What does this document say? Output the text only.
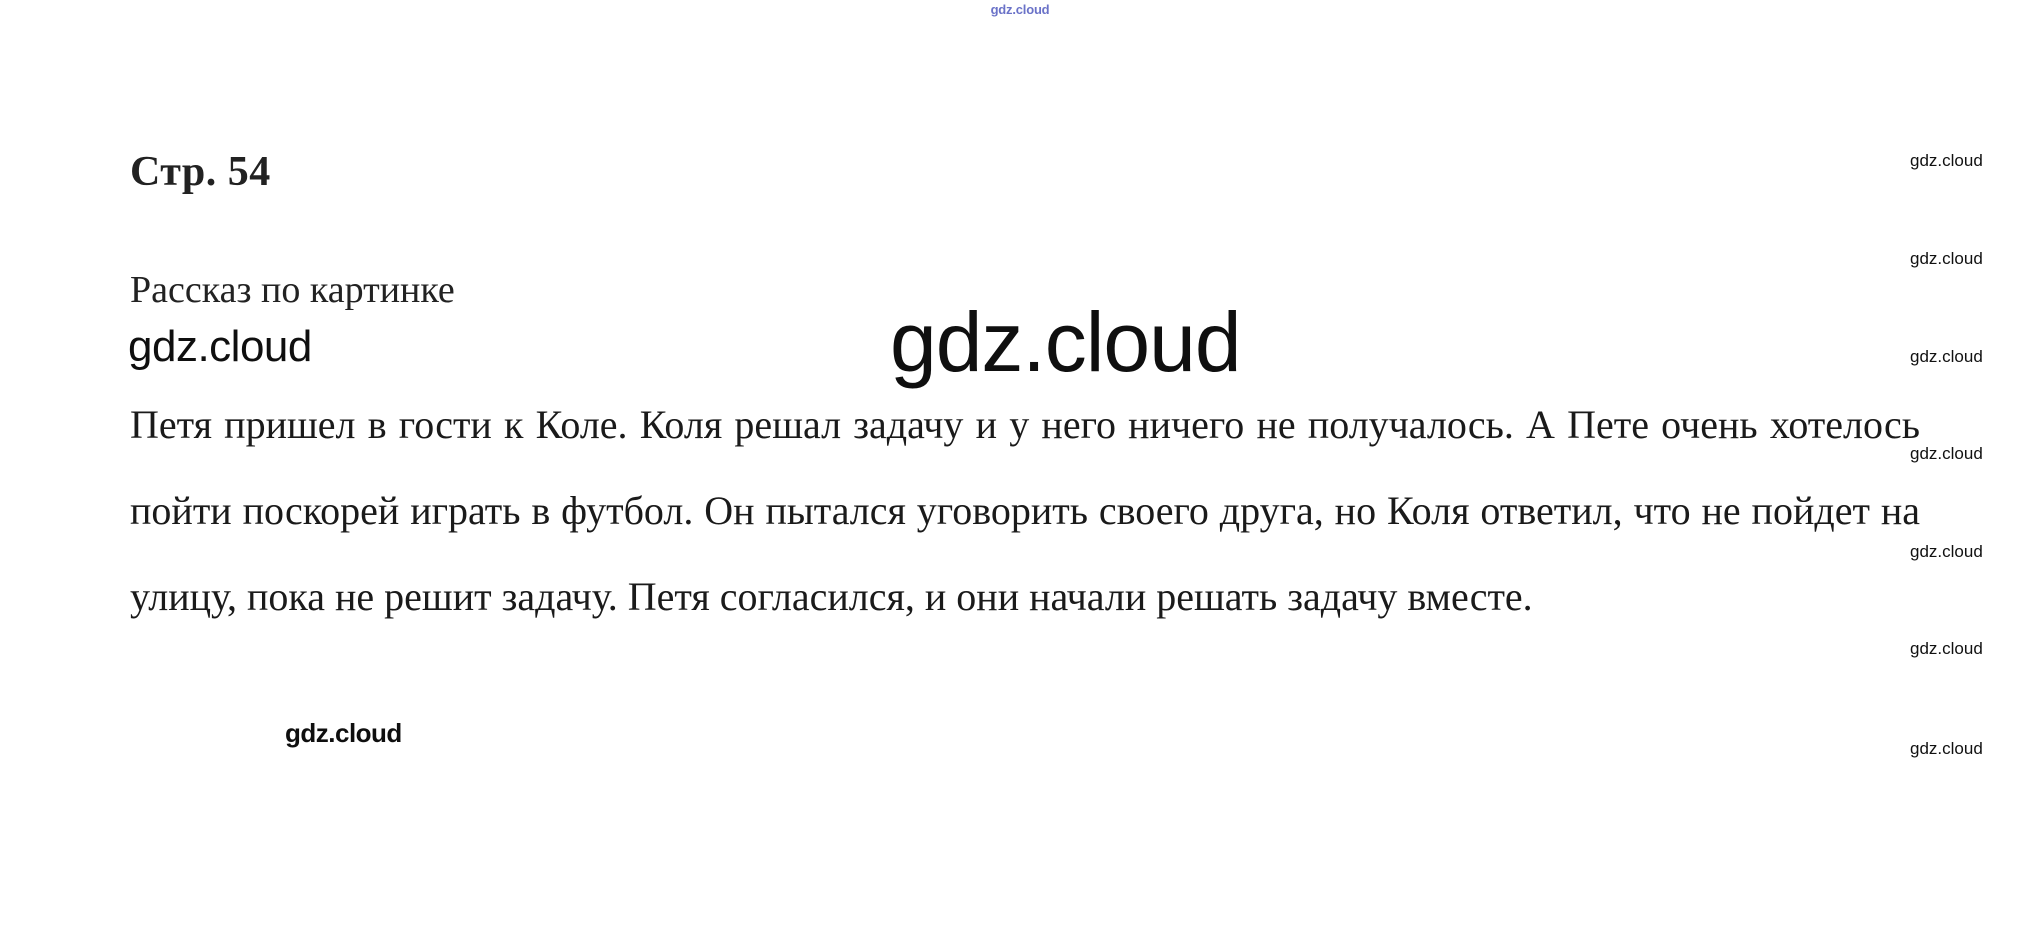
gdz.cloud
Стр. 54
Рассказ по картинке
gdz.cloud	gdz.cloud
Петя пришел в гости к Коле. Коля решал задачу и у него ничего не получалось. А Пете очень хотелось пойти поскорей играть в футбол. Он пытался уговорить своего друга, но Коля ответил, что не пойдет на улицу, пока не решит задачу. Петя согласился, и они начали решать задачу вместе.
gdz.cloud
gdz.cloud
gdz.cloud
gdz.cloud
gdz.cloud
gdz.cloud
gdz.cloud
gdz.cloud
